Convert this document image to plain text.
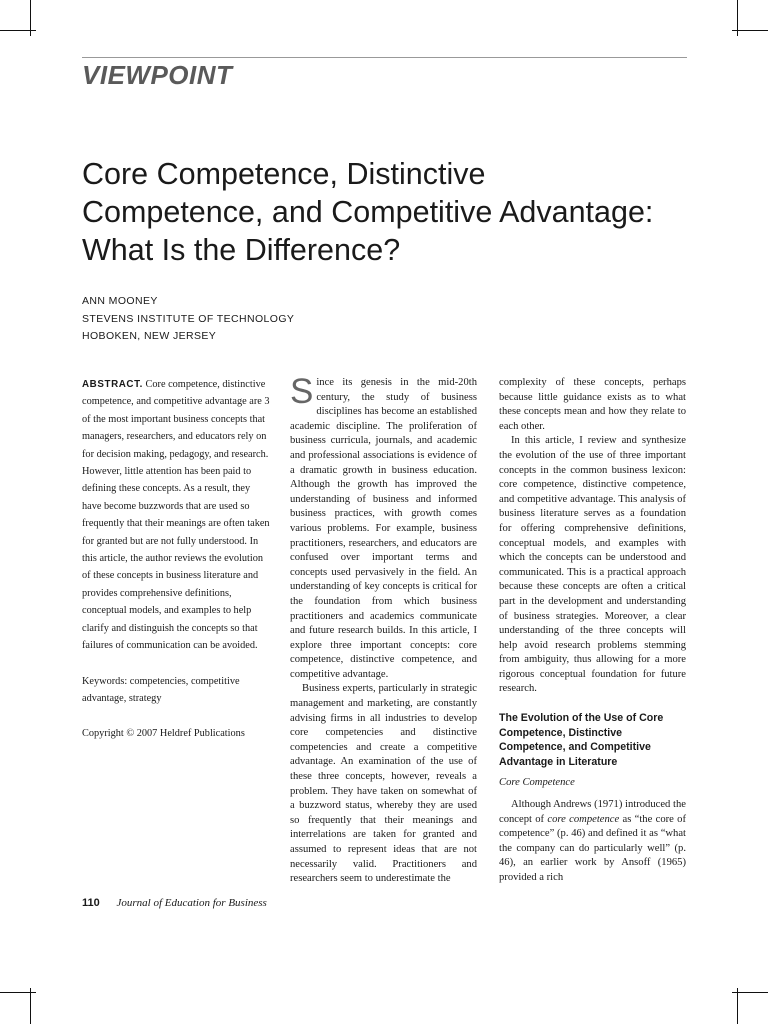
VIEWPOINT
Core Competence, Distinctive
Competence, and Competitive Advantage:
What Is the Difference?
ANN MOONEY
STEVENS INSTITUTE OF TECHNOLOGY
HOBOKEN, NEW JERSEY

ABSTRACT. Core competence, distinctive competence, and competitive advantage are 3 of the most important business concepts that managers, researchers, and educators rely on for decision making, pedagogy, and research. However, little attention has been paid to defining these concepts. As a result, they have become buzzwords that are used so frequently that their meanings are often taken for granted but are not fully understood. In this article, the author reviews the evolution of these concepts in business literature and provides comprehensive definitions, conceptual models, and examples to help clarify and distinguish the concepts so that failures of communication can be avoided.

Keywords: competencies, competitive advantage, strategy

Copyright © 2007 Heldref Publications

Since its genesis in the mid-20th century, the study of business disciplines has become an established academic discipline. The proliferation of business curricula, journals, and academic and professional associations is evidence of a dramatic growth in business education. Although the growth has improved the understanding of business and informed business practices, with growth comes various problems. For example, business practitioners, researchers, and educators are confused over important terms and concepts used pervasively in the field. An understanding of key concepts is critical for the foundation from which business practitioners and academics communicate and future research builds. In this article, I explore three important concepts: core competence, distinctive competence, and competitive advantage.

Business experts, particularly in strategic management and marketing, are constantly advising firms in all industries to develop core competencies and distinctive competencies and create a competitive advantage. An examination of the use of these three concepts, however, reveals a problem. They have taken on somewhat of a buzzword status, whereby they are used so frequently that their meanings and interrelations are taken for granted and assumed to represent ideas that are not necessarily valid. Practitioners and researchers seem to underestimate the

complexity of these concepts, perhaps because little guidance exists as to what these concepts mean and how they relate to each other.

In this article, I review and synthesize the evolution of the use of three important concepts in the common business lexicon: core competence, distinctive competence, and competitive advantage. This analysis of business literature serves as a foundation for offering comprehensive definitions, conceptual models, and examples with which the concepts can be understood and communicated. This is a practical approach because these concepts are often a critical part in the development and understanding of business strategies. Moreover, a clear understanding of the three concepts will help avoid research problems stemming from ambiguity, thus allowing for a more rigorous conceptual foundation for future research.

The Evolution of the Use of Core Competence, Distinctive Competence, and Competitive Advantage in Literature
Core Competence

Although Andrews (1971) introduced the concept of core competence as “the core of competence” (p. 46) and defined it as “what the company can do particularly well” (p. 46), an earlier work by Ansoff (1965) provided a rich

110 Journal of Education for Business
